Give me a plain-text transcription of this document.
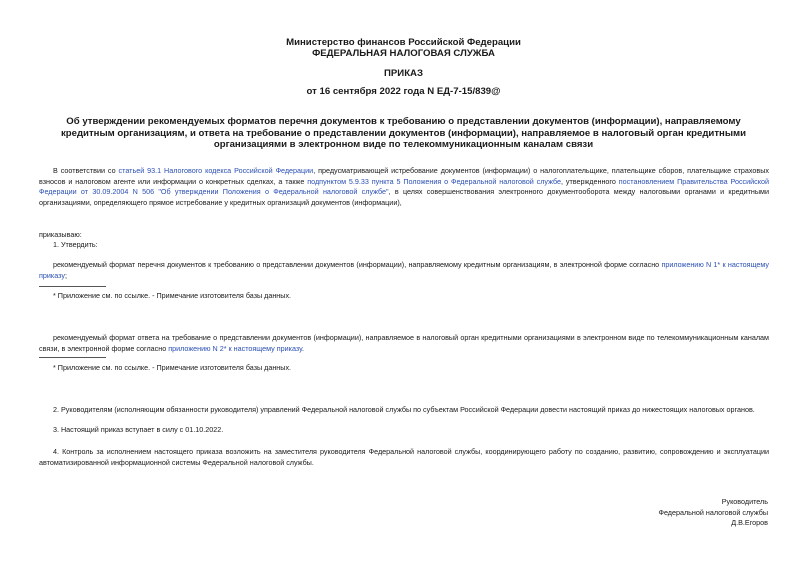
Министерство финансов Российской Федерации
ФЕДЕРАЛЬНАЯ НАЛОГОВАЯ СЛУЖБА
ПРИКАЗ
от 16 сентября 2022 года N ЕД-7-15/839@
Об утверждении рекомендуемых форматов перечня документов к требованию о представлении документов (информации), направляемому кредитным организациям, и ответа на требование о представлении документов (информации), направляемое в налоговый орган кредитными организациями в электронном виде по телекоммуникационным каналам связи
В соответствии со статьей 93.1 Налогового кодекса Российской Федерации, предусматривающей истребование документов (информации) о налогоплательщике, плательщике сборов, плательщике страховых взносов и налоговом агенте или информации о конкретных сделках, а также подпунктом 5.9.33 пункта 5 Положения о Федеральной налоговой службе, утвержденного постановлением Правительства Российской Федерации от 30.09.2004 N 506 "Об утверждении Положения о Федеральной налоговой службе", в целях совершенствования электронного документооборота между налоговыми органами и кредитными организациями, определяющего прямое истребование у кредитных организаций документов (информации),
приказываю:
1. Утвердить:
рекомендуемый формат перечня документов к требованию о представлении документов (информации), направляемому кредитным организациям, в электронной форме согласно приложению N 1* к настоящему приказу;
* Приложение см. по ссылке. - Примечание изготовителя базы данных.
рекомендуемый формат ответа на требование о представлении документов (информации), направляемое в налоговый орган кредитными организациями в электронном виде по телекоммуникационным каналам связи, в электронной форме согласно приложению N 2* к настоящему приказу.
* Приложение см. по ссылке. - Примечание изготовителя базы данных.
2. Руководителям (исполняющим обязанности руководителя) управлений Федеральной налоговой службы по субъектам Российской Федерации довести настоящий приказ до нижестоящих налоговых органов.
3. Настоящий приказ вступает в силу с 01.10.2022.
4. Контроль за исполнением настоящего приказа возложить на заместителя руководителя Федеральной налоговой службы, координирующего работу по созданию, развитию, сопровождению и эксплуатации автоматизированной информационной системы Федеральной налоговой службы.
Руководитель
Федеральной налоговой службы
Д.В.Егоров
